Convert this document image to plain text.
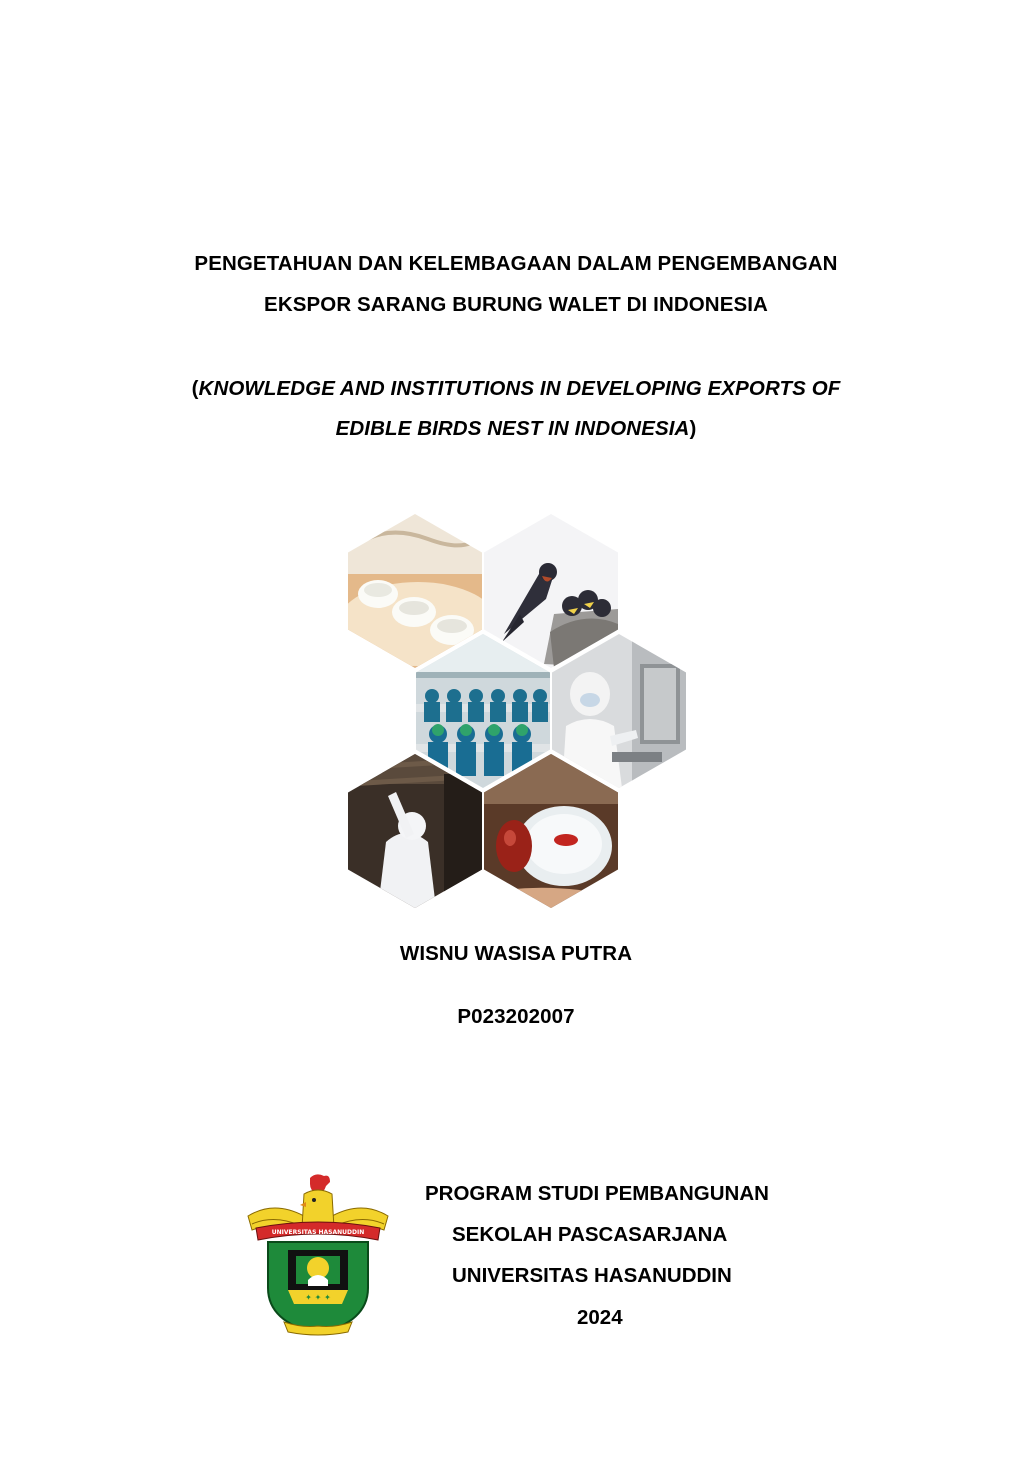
PENGETAHUAN DAN KELEMBAGAAN DALAM PENGEMBANGAN
EKSPOR SARANG BURUNG WALET DI INDONESIA
(KNOWLEDGE AND INSTITUTIONS IN DEVELOPING EXPORTS OF
EDIBLE BIRDS NEST IN INDONESIA)
WISNU WASISA PUTRA
P023202007
UNIVERSITAS HASANUDDIN
✦ ✦ ✦
PROGRAM STUDI PEMBANGUNAN
SEKOLAH PASCASARJANA
UNIVERSITAS HASANUDDIN
2024
